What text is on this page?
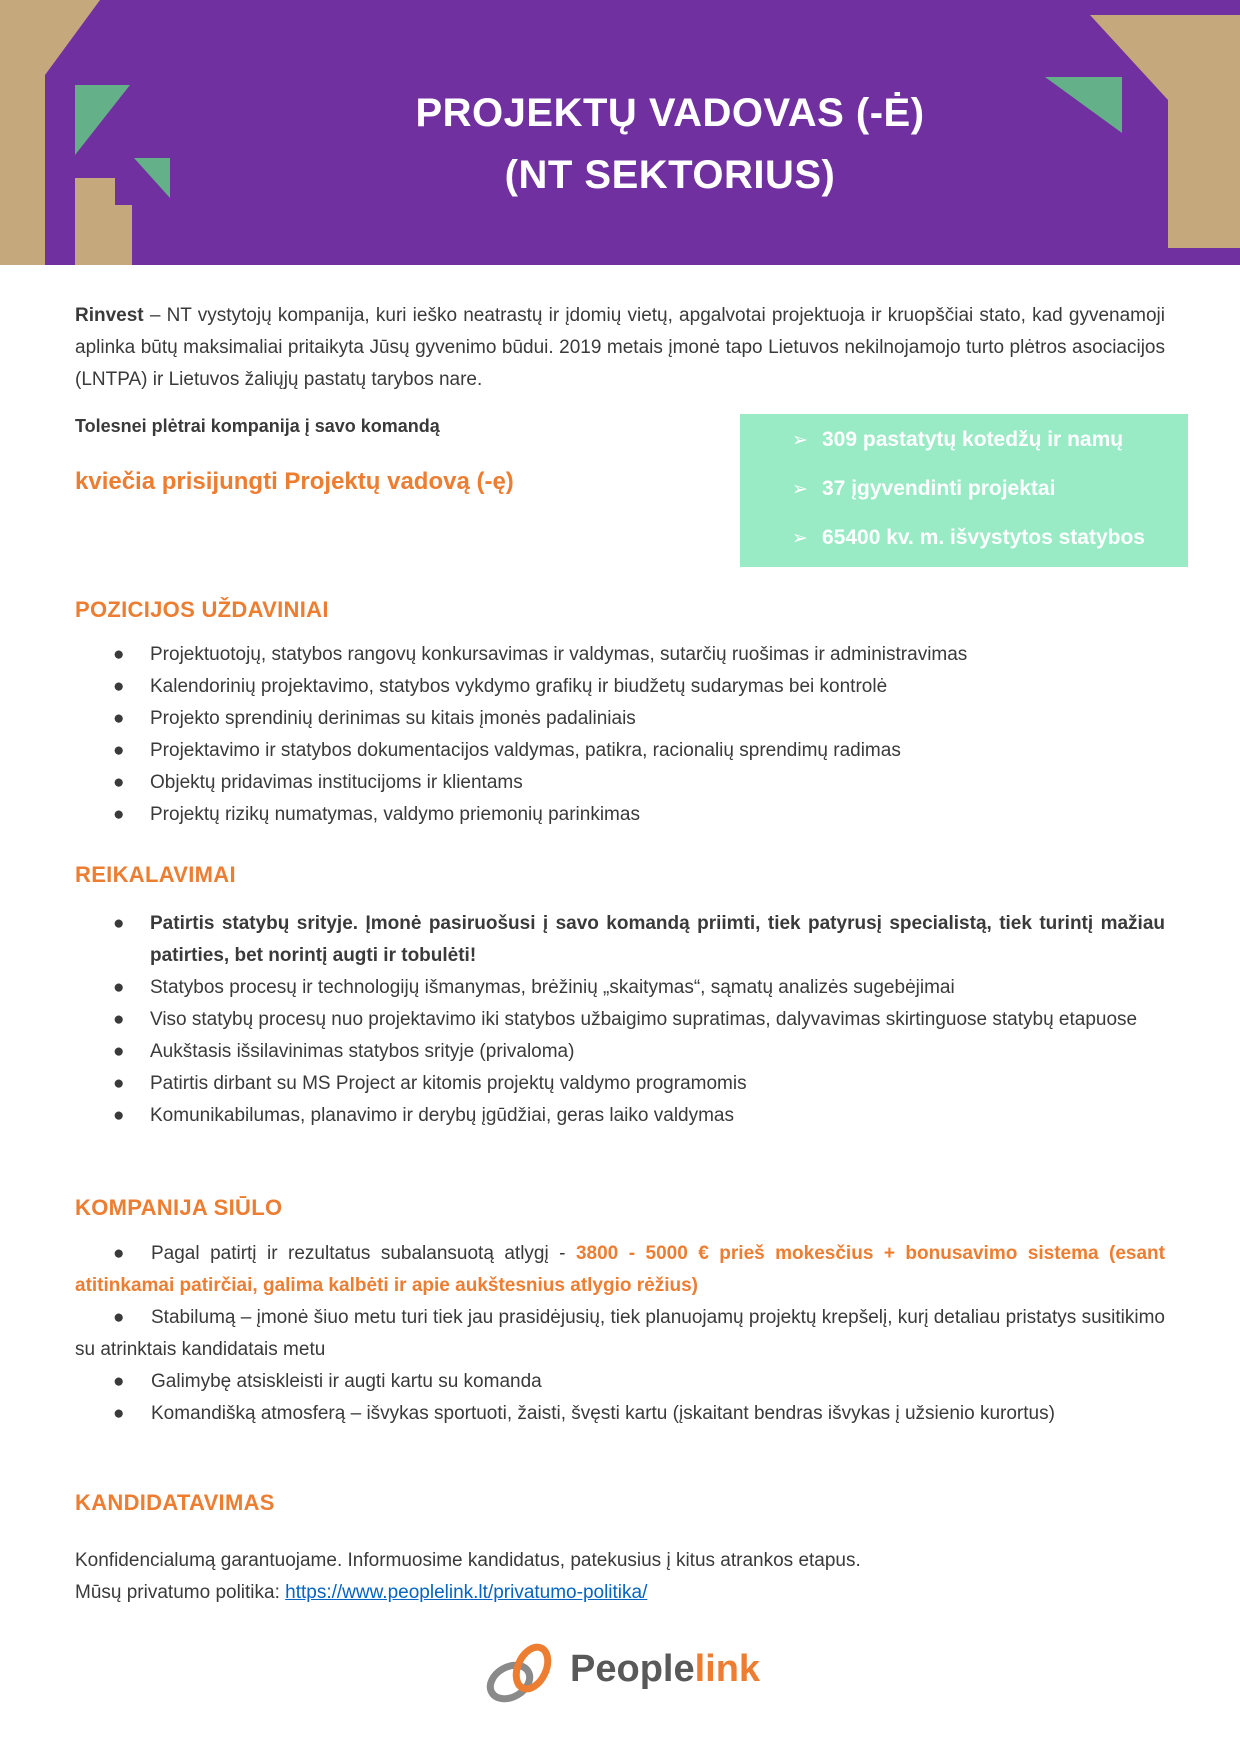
PROJEKTŲ VADOVAS (-Ė)
(NT SEKTORIUS)

Rinvest – NT vystytojų kompanija, kuri ieško neatrastų ir įdomių vietų, apgalvotai projektuoja ir kruopščiai stato, kad gyvenamoji aplinka būtų maksimaliai pritaikyta Jūsų gyvenimo būdui. 2019 metais įmonė tapo Lietuvos nekilnojamojo turto plėtros asociacijos (LNTPA) ir Lietuvos žaliųjų pastatų tarybos nare.

Tolesnei plėtrai kompanija į savo komandą
kviečia prisijungti Projektų vadovą (-ę)
➢ 309 pastatytų kotedžų ir namų
➢ 37 įgyvendinti projektai
➢ 65400 kv. m. išvystytos statybos
POZICIJOS UŽDAVINIAI
● Projektuotojų, statybos rangovų konkursavimas ir valdymas, sutarčių ruošimas ir administravimas
● Kalendorinių projektavimo, statybos vykdymo grafikų ir biudžetų sudarymas bei kontrolė
● Projekto sprendinių derinimas su kitais įmonės padaliniais
● Projektavimo ir statybos dokumentacijos valdymas, patikra, racionalių sprendimų radimas
● Objektų pridavimas institucijoms ir klientams
● Projektų rizikų numatymas, valdymo priemonių parinkimas
REIKALAVIMAI
● Patirtis statybų srityje. Įmonė pasiruošusi į savo komandą priimti, tiek patyrusį specialistą, tiek turintį mažiau patirties, bet norintį augti ir tobulėti!
● Statybos procesų ir technologijų išmanymas, brėžinių „skaitymas“, sąmatų analizės sugebėjimai
● Viso statybų procesų nuo projektavimo iki statybos užbaigimo supratimas, dalyvavimas skirtinguose statybų etapuose
● Aukštasis išsilavinimas statybos srityje (privaloma)
● Patirtis dirbant su MS Project ar kitomis projektų valdymo programomis
● Komunikabilumas, planavimo ir derybų įgūdžiai, geras laiko valdymas
KOMPANIJA SIŪLO
● Pagal patirtį ir rezultatus subalansuotą atlygį - 3800 - 5000 € prieš mokesčius + bonusavimo sistema (esant atitinkamai patirčiai, galima kalbėti ir apie aukštesnius atlygio rėžius)
● Stabilumą – įmonė šiuo metu turi tiek jau prasidėjusių, tiek planuojamų projektų krepšelį, kurį detaliau pristatys susitikimo su atrinktais kandidatais metu
● Galimybę atsiskleisti ir augti kartu su komanda
● Komandišką atmosferą – išvykas sportuoti, žaisti, švęsti kartu (įskaitant bendras išvykas į užsienio kurortus)
KANDIDATAVIMAS
Konfidencialumą garantuojame. Informuosime kandidatus, patekusius į kitus atrankos etapus.
Mūsų privatumo politika: https://www.peoplelink.lt/privatumo-politika/
Peoplelink
